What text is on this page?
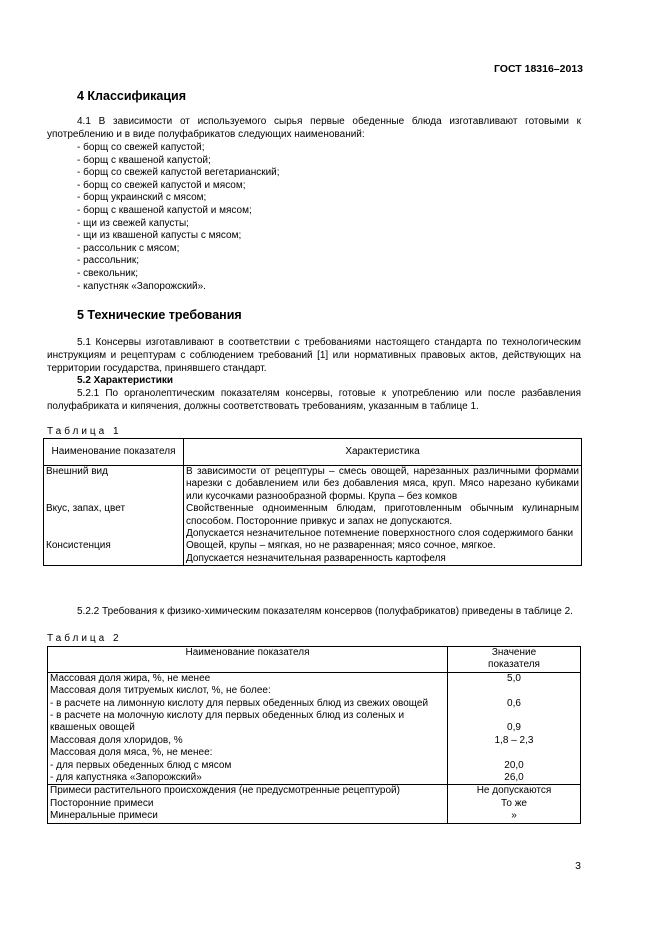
ГОСТ 18316–2013
4 Классификация
4.1 В зависимости от используемого сырья первые обеденные блюда изготавливают готовыми к употреблению и в виде полуфабрикатов следующих наименований:
- борщ со свежей капустой;
- борщ с квашеной капустой;
- борщ со свежей капустой вегетарианский;
- борщ со свежей капустой и мясом;
- борщ украинский с мясом;
- борщ с квашеной капустой и мясом;
- щи из свежей капусты;
- щи из квашеной капусты с мясом;
- рассольник с мясом;
- рассольник;
- свекольник;
- капустняк «Запорожский».
5 Технические требования
5.1 Консервы изготавливают в соответствии с требованиями настоящего стандарта по технологическим инструкциям и рецептурам с соблюдением требований [1] или нормативных правовых актов, действующих на территории государства, принявшего стандарт.
5.2 Характеристики
5.2.1 По органолептическим показателям консервы, готовые к употреблению или после разбавления полуфабриката и кипячения, должны соответствовать требованиям, указанным в таблице 1.
Таблица 1
Наименование показателя	Характеристика
Внешний вид	В зависимости от рецептуры – смесь овощей, нарезанных различными формами нарезки с добавлением или без добавления мяса, круп. Мясо нарезано кубиками или кусочками разнообразной формы. Крупа – без комков
Вкус, запах, цвет	Свойственные одноименным блюдам, приготовленным обычным кулинарным способом. Посторонние привкус и запах не допускаются.
Допускается незначительное потемнение поверхностного слоя содержимого банки

Консистенция	Овощей, крупы – мягкая, но не разваренная; мясо сочное, мягкое.
Допускается незначительная разваренность картофеля
5.2.2 Требования к физико-химическим показателям консервов (полуфабрикатов) приведены в таблице 2.
Таблица 2
Наименование показателя	Значение показателя
Массовая доля жира, %, не менее	5,0
Массовая доля титруемых кислот, %, не более:	
- в расчете на лимонную кислоту для первых обеденных блюд из свежих овощей	0,6
- в расчете на молочную кислоту для первых обеденных блюд из соленых и квашеных овощей	0,9
Массовая доля хлоридов, %	1,8 – 2,3
Массовая доля мяса, %, не менее:	
- для первых обеденных блюд с мясом	20,0
- для капустняка «Запорожский»	26,0
Примеси растительного происхождения (не предусмотренные рецептурой)	Не допускаются
Посторонние примеси	То же
Минеральные примеси	»
3
